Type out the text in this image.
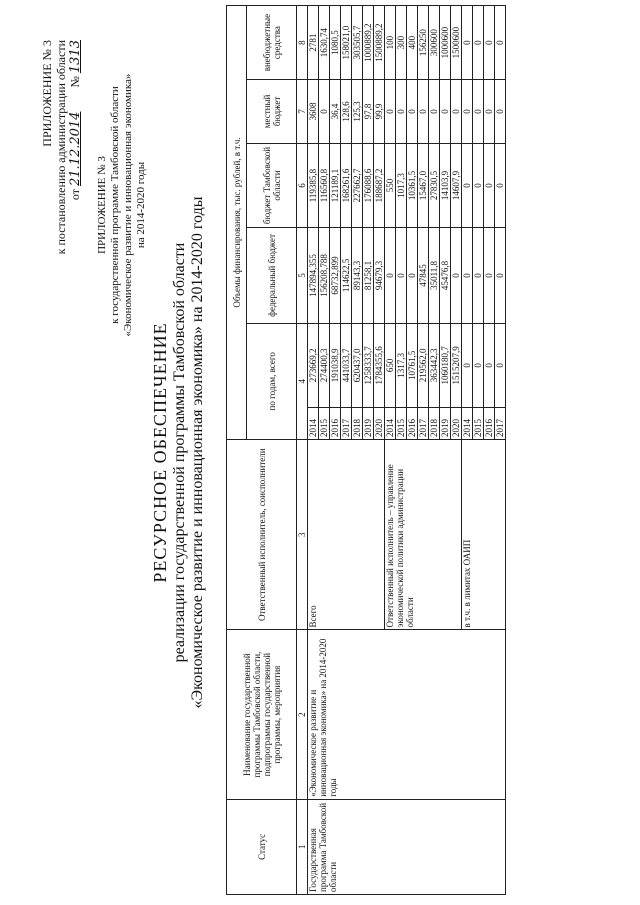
ПРИЛОЖЕНИЕ № 3 к постановлению администрации области от 21.12.2014        № 1313
ПРИЛОЖЕНИЕ № 3 к государственной программе Тамбовской области «Экономическое развитие и инновационная экономика» на 2014-2020 годы
РЕСУРСНОЕ ОБЕСПЕЧЕНИЕ реализации государственной программы Тамбовской области «Экономическое развитие и инновационная экономика» на 2014-2020 годы
Статус	Наименование государственной программы Тамбовской области, подпрограммы государственной программы, мероприятия	Ответственный исполнитель, соисполнители	Объемы финансирования, тыс. рублей, в т.ч.					
			по годам, всего		федеральный бюджет	бюджет Тамбовской области	местный бюджет	внебюджетные средства
1	2	3	4		5	6	7	8
Государственная программа Тамбовской области	«Экономическое развитие и инновационная экономика» на 2014-2020 годы	Всего	2014	273669,2	147894,355	119385,8	3608	2781
			2015	274400,3	156208,788	116560,8	0	1630,74
			2016	191038,9	68732,899	121189,1	36,4	1080,5
			2017	441033,7	114622,5	168261,6	128,6	158021,0
			2018	620437,0	89143,3	227662,7	125,3	303505,7
			2019	1258333,7	81258,1	176088,6	97,8	1000889,2
			2020	1784355,6	94679,3	188687,2	99,9	1500889,2
		Ответственный исполнитель – управление экономической политики администрации области	2014	650	0	550	0	100
			2015	1317,3	0	1017,3	0	300
			2016	10761,5	0	10361,5	0	400
			2017	219562,0	47845	15467,0	0	156250
			2018	363442,3	35011,8	27830,5	0	300600
			2019	1060180,7	45476,8	14103,9	0	1000600
			2020	1515207,9	0	14607,9	0	1500600
		в т.ч. в лимитах ОАИП	2014	0	0	0	0	0
			2015	0	0	0	0	0
			2016	0	0	0	0	0
			2017	0	0	0	0	0
